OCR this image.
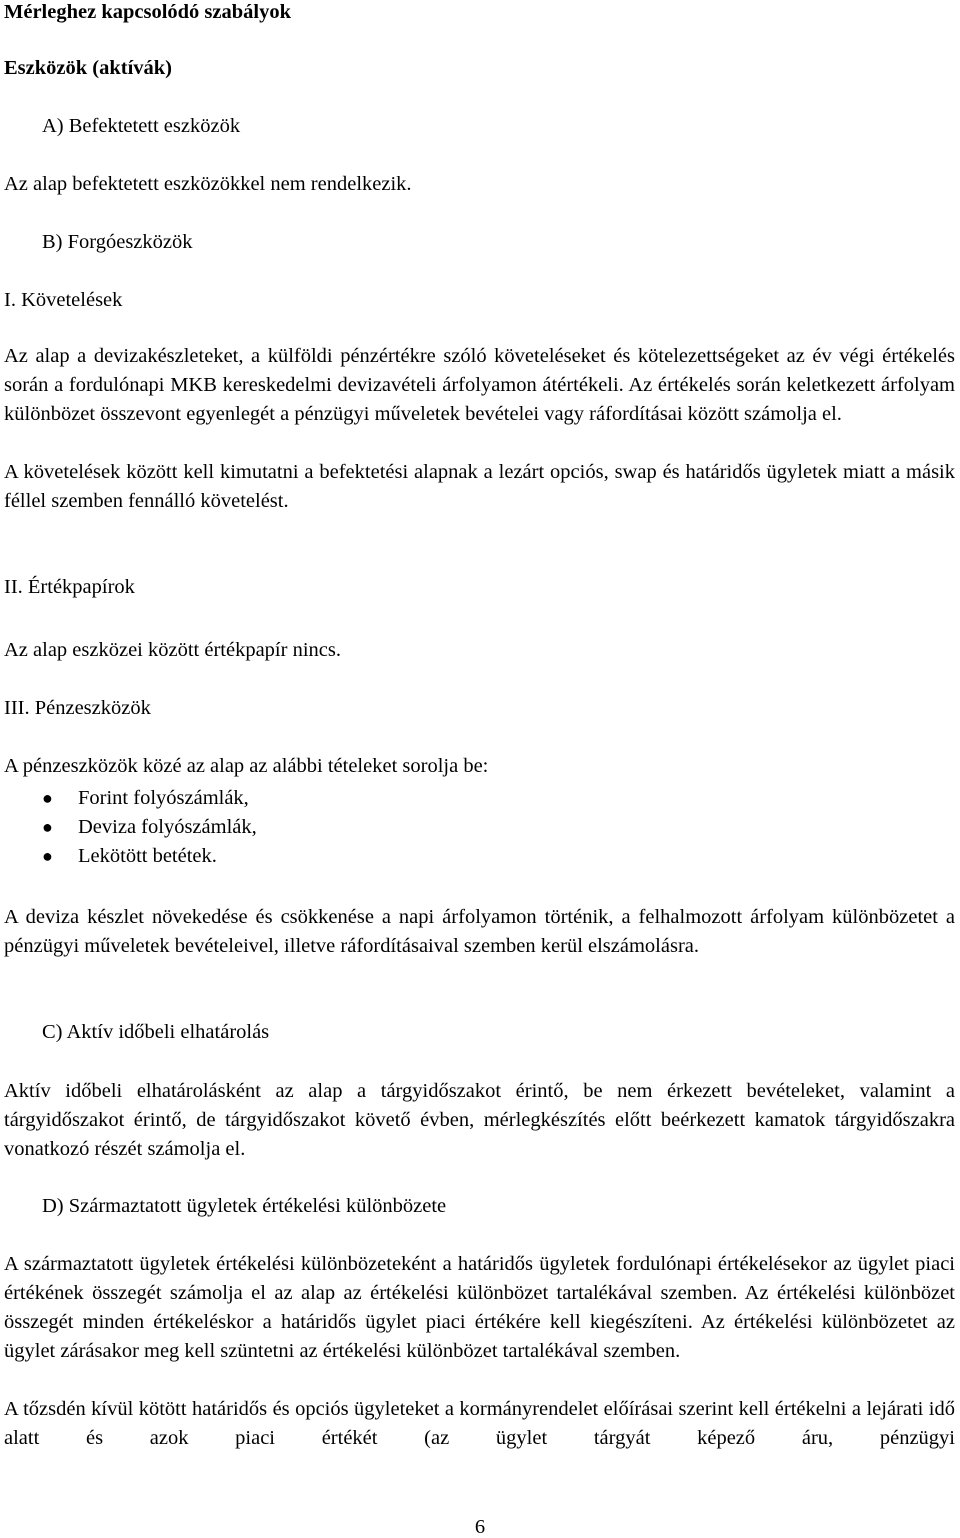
Mérleghez kapcsolódó szabályok
Eszközök (aktívák)
A) Befektetett eszközök
Az alap befektetett eszközökkel nem rendelkezik.
B) Forgóeszközök
I. Követelések
Az alap a devizakészleteket, a külföldi pénzértékre szóló követeléseket és kötelezettségeket az év végi értékelés során a fordulónapi MKB kereskedelmi devizavételi árfolyamon átértékeli. Az értékelés során keletkezett árfolyam különbözet összevont egyenlegét a pénzügyi műveletek bevételei vagy ráfordításai között számolja el.
A követelések között kell kimutatni a befektetési alapnak a lezárt opciós, swap és határidős ügyletek miatt a másik féllel szemben fennálló követelést.
II. Értékpapírok
Az alap eszközei között értékpapír nincs.
III. Pénzeszközök
A pénzeszközök közé az alap az alábbi tételeket sorolja be:
● Forint folyószámlák,
● Deviza folyószámlák,
● Lekötött betétek.
A deviza készlet növekedése és csökkenése a napi árfolyamon történik, a felhalmozott árfolyam különbözetet a pénzügyi műveletek bevételeivel, illetve ráfordításaival szemben kerül elszámolásra.
C) Aktív időbeli elhatárolás
Aktív időbeli elhatárolásként az alap a tárgyidőszakot érintő, be nem érkezett bevételeket, valamint a tárgyidőszakot érintő, de tárgyidőszakot követő évben, mérlegkészítés előtt beérkezett kamatok tárgyidőszakra vonatkozó részét számolja el.
D) Származtatott ügyletek értékelési különbözete
A származtatott ügyletek értékelési különbözeteként a határidős ügyletek fordulónapi értékelésekor az ügylet piaci értékének összegét számolja el az alap az értékelési különbözet tartalékával szemben. Az értékelési különbözet összegét minden értékeléskor a határidős ügylet piaci értékére kell kiegészíteni. Az értékelési különbözetet az ügylet zárásakor meg kell szüntetni az értékelési különbözet tartalékával szemben.
A tőzsdén kívül kötött határidős és opciós ügyleteket a kormányrendelet előírásai szerint kell értékelni a lejárati idő alatt és azok piaci értékét (az ügylet tárgyát képező áru, pénzügyi
6
